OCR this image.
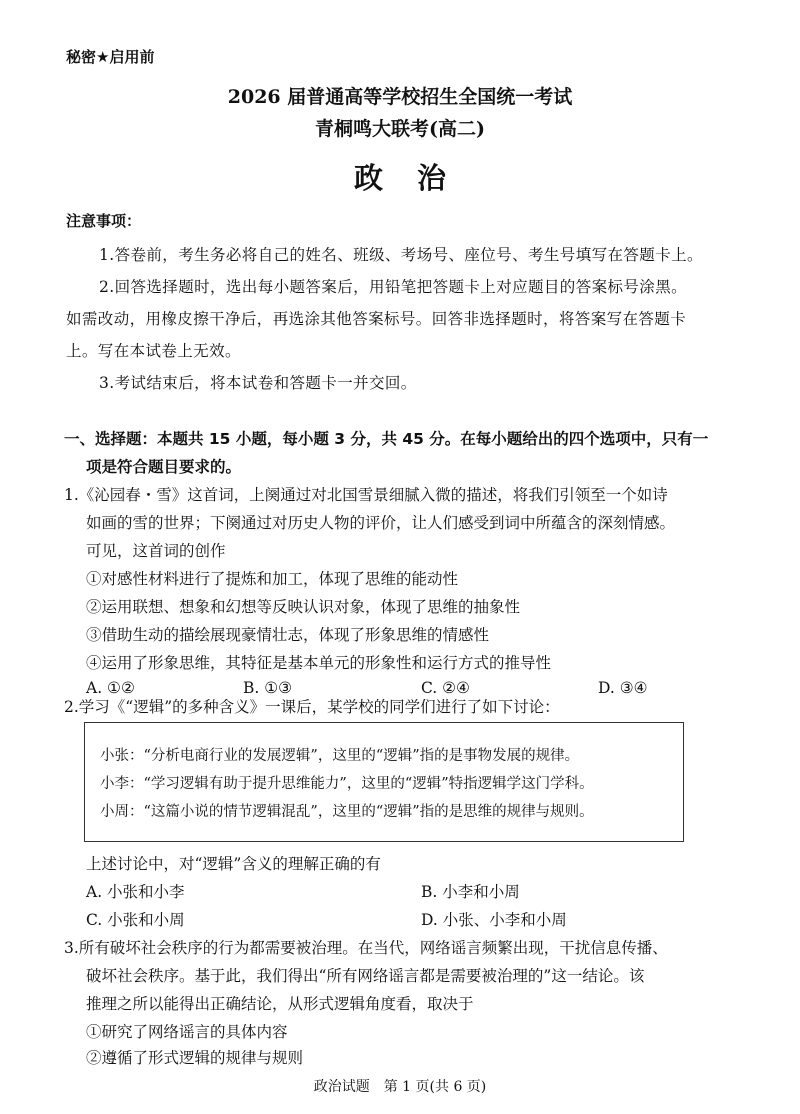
秘密★启用前
2026 届普通高等学校招生全国统一考试
青桐鸣大联考(高二)
政治
注意事项：
1.答卷前，考生务必将自己的姓名、班级、考场号、座位号、考生号填写在答题卡上。
2.回答选择题时，选出每小题答案后，用铅笔把答题卡上对应题目的答案标号涂黑。
如需改动，用橡皮擦干净后，再选涂其他答案标号。回答非选择题时，将答案写在答题卡
上。写在本试卷上无效。
3.考试结束后，将本试卷和答题卡一并交回。
一、选择题：本题共 15 小题，每小题 3 分，共 45 分。在每小题给出的四个选项中，只有一
项是符合题目要求的。
1.《沁园春・雪》这首词，上阕通过对北国雪景细腻入微的描述，将我们引领至一个如诗
如画的雪的世界；下阕通过对历史人物的评价，让人们感受到词中所蕴含的深刻情感。
可见，这首词的创作
①对感性材料进行了提炼和加工，体现了思维的能动性
②运用联想、想象和幻想等反映认识对象，体现了思维的抽象性
③借助生动的描绘展现豪情壮志，体现了形象思维的情感性
④运用了形象思维，其特征是基本单元的形象性和运行方式的推导性
A. ①②	B. ①③	C. ②④	D. ③④
2.学习《“逻辑”的多种含义》一课后，某学校的同学们进行了如下讨论：
小张：“分析电商行业的发展逻辑”，这里的“逻辑”指的是事物发展的规律。
小李：“学习逻辑有助于提升思维能力”，这里的“逻辑”特指逻辑学这门学科。
小周：“这篇小说的情节逻辑混乱”，这里的“逻辑”指的是思维的规律与规则。
上述讨论中，对“逻辑”含义的理解正确的有
A. 小张和小李	B. 小李和小周
C. 小张和小周	D. 小张、小李和小周
3.所有破坏社会秩序的行为都需要被治理。在当代，网络谣言频繁出现，干扰信息传播、
破坏社会秩序。基于此，我们得出“所有网络谣言都是需要被治理的”这一结论。该
推理之所以能得出正确结论，从形式逻辑角度看，取决于
①研究了网络谣言的具体内容
②遵循了形式逻辑的规律与规则
政治试题　第 1 页(共 6 页)
